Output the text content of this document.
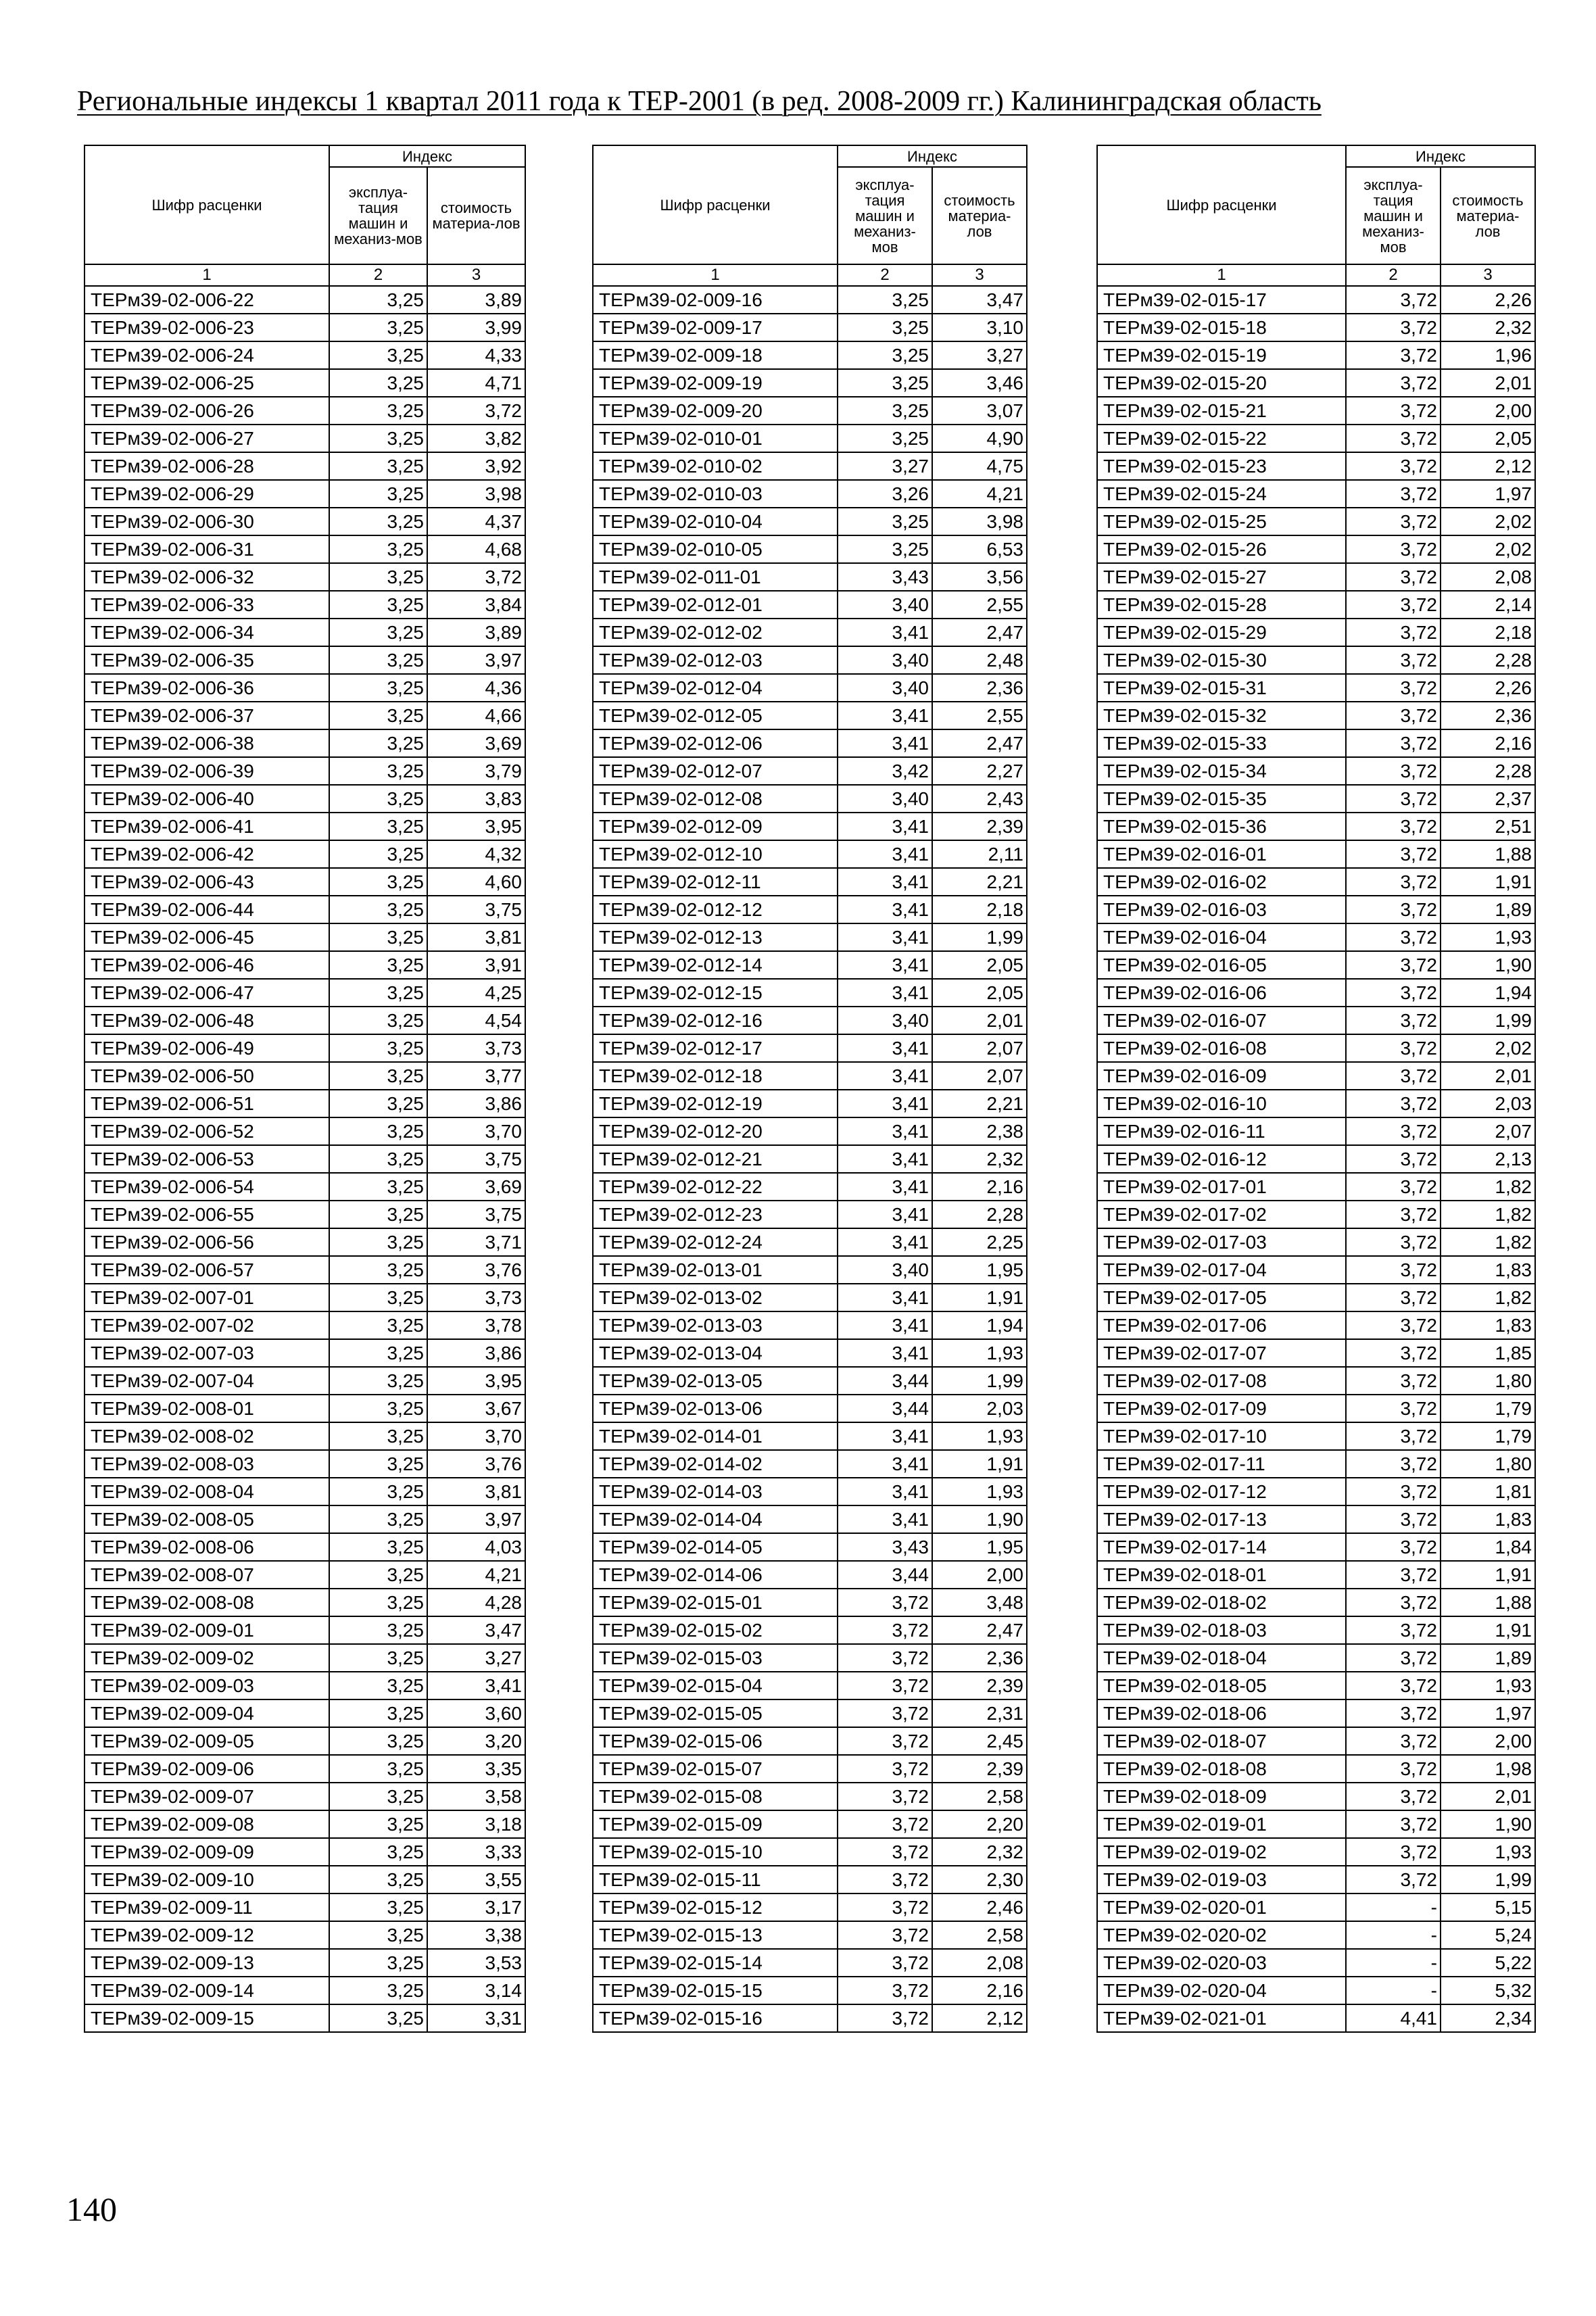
Региональные индексы 1 квартал 2011 года к ТЕР-2001 (в ред. 2008-2009 гг.) Калининградская область
Шифр расценки	Индекс	
	эксплуа-тация машин и механиз-мов	стоимость материа-лов
1	2	3
ТЕРм39-02-006-22	3,25	3,89
ТЕРм39-02-006-23	3,25	3,99
ТЕРм39-02-006-24	3,25	4,33
ТЕРм39-02-006-25	3,25	4,71
ТЕРм39-02-006-26	3,25	3,72
ТЕРм39-02-006-27	3,25	3,82
ТЕРм39-02-006-28	3,25	3,92
ТЕРм39-02-006-29	3,25	3,98
ТЕРм39-02-006-30	3,25	4,37
ТЕРм39-02-006-31	3,25	4,68
ТЕРм39-02-006-32	3,25	3,72
ТЕРм39-02-006-33	3,25	3,84
ТЕРм39-02-006-34	3,25	3,89
ТЕРм39-02-006-35	3,25	3,97
ТЕРм39-02-006-36	3,25	4,36
ТЕРм39-02-006-37	3,25	4,66
ТЕРм39-02-006-38	3,25	3,69
ТЕРм39-02-006-39	3,25	3,79
ТЕРм39-02-006-40	3,25	3,83
ТЕРм39-02-006-41	3,25	3,95
ТЕРм39-02-006-42	3,25	4,32
ТЕРм39-02-006-43	3,25	4,60
ТЕРм39-02-006-44	3,25	3,75
ТЕРм39-02-006-45	3,25	3,81
ТЕРм39-02-006-46	3,25	3,91
ТЕРм39-02-006-47	3,25	4,25
ТЕРм39-02-006-48	3,25	4,54
ТЕРм39-02-006-49	3,25	3,73
ТЕРм39-02-006-50	3,25	3,77
ТЕРм39-02-006-51	3,25	3,86
ТЕРм39-02-006-52	3,25	3,70
ТЕРм39-02-006-53	3,25	3,75
ТЕРм39-02-006-54	3,25	3,69
ТЕРм39-02-006-55	3,25	3,75
ТЕРм39-02-006-56	3,25	3,71
ТЕРм39-02-006-57	3,25	3,76
ТЕРм39-02-007-01	3,25	3,73
ТЕРм39-02-007-02	3,25	3,78
ТЕРм39-02-007-03	3,25	3,86
ТЕРм39-02-007-04	3,25	3,95
ТЕРм39-02-008-01	3,25	3,67
ТЕРм39-02-008-02	3,25	3,70
ТЕРм39-02-008-03	3,25	3,76
ТЕРм39-02-008-04	3,25	3,81
ТЕРм39-02-008-05	3,25	3,97
ТЕРм39-02-008-06	3,25	4,03
ТЕРм39-02-008-07	3,25	4,21
ТЕРм39-02-008-08	3,25	4,28
ТЕРм39-02-009-01	3,25	3,47
ТЕРм39-02-009-02	3,25	3,27
ТЕРм39-02-009-03	3,25	3,41
ТЕРм39-02-009-04	3,25	3,60
ТЕРм39-02-009-05	3,25	3,20
ТЕРм39-02-009-06	3,25	3,35
ТЕРм39-02-009-07	3,25	3,58
ТЕРм39-02-009-08	3,25	3,18
ТЕРм39-02-009-09	3,25	3,33
ТЕРм39-02-009-10	3,25	3,55
ТЕРм39-02-009-11	3,25	3,17
ТЕРм39-02-009-12	3,25	3,38
ТЕРм39-02-009-13	3,25	3,53
ТЕРм39-02-009-14	3,25	3,14
ТЕРм39-02-009-15	3,25	3,31
Шифр расценки	Индекс	
	эксплуа-тация машин и механиз-мов	стоимость материа-лов
1	2	3
ТЕРм39-02-009-16	3,25	3,47
ТЕРм39-02-009-17	3,25	3,10
ТЕРм39-02-009-18	3,25	3,27
ТЕРм39-02-009-19	3,25	3,46
ТЕРм39-02-009-20	3,25	3,07
ТЕРм39-02-010-01	3,25	4,90
ТЕРм39-02-010-02	3,27	4,75
ТЕРм39-02-010-03	3,26	4,21
ТЕРм39-02-010-04	3,25	3,98
ТЕРм39-02-010-05	3,25	6,53
ТЕРм39-02-011-01	3,43	3,56
ТЕРм39-02-012-01	3,40	2,55
ТЕРм39-02-012-02	3,41	2,47
ТЕРм39-02-012-03	3,40	2,48
ТЕРм39-02-012-04	3,40	2,36
ТЕРм39-02-012-05	3,41	2,55
ТЕРм39-02-012-06	3,41	2,47
ТЕРм39-02-012-07	3,42	2,27
ТЕРм39-02-012-08	3,40	2,43
ТЕРм39-02-012-09	3,41	2,39
ТЕРм39-02-012-10	3,41	2,11
ТЕРм39-02-012-11	3,41	2,21
ТЕРм39-02-012-12	3,41	2,18
ТЕРм39-02-012-13	3,41	1,99
ТЕРм39-02-012-14	3,41	2,05
ТЕРм39-02-012-15	3,41	2,05
ТЕРм39-02-012-16	3,40	2,01
ТЕРм39-02-012-17	3,41	2,07
ТЕРм39-02-012-18	3,41	2,07
ТЕРм39-02-012-19	3,41	2,21
ТЕРм39-02-012-20	3,41	2,38
ТЕРм39-02-012-21	3,41	2,32
ТЕРм39-02-012-22	3,41	2,16
ТЕРм39-02-012-23	3,41	2,28
ТЕРм39-02-012-24	3,41	2,25
ТЕРм39-02-013-01	3,40	1,95
ТЕРм39-02-013-02	3,41	1,91
ТЕРм39-02-013-03	3,41	1,94
ТЕРм39-02-013-04	3,41	1,93
ТЕРм39-02-013-05	3,44	1,99
ТЕРм39-02-013-06	3,44	2,03
ТЕРм39-02-014-01	3,41	1,93
ТЕРм39-02-014-02	3,41	1,91
ТЕРм39-02-014-03	3,41	1,93
ТЕРм39-02-014-04	3,41	1,90
ТЕРм39-02-014-05	3,43	1,95
ТЕРм39-02-014-06	3,44	2,00
ТЕРм39-02-015-01	3,72	3,48
ТЕРм39-02-015-02	3,72	2,47
ТЕРм39-02-015-03	3,72	2,36
ТЕРм39-02-015-04	3,72	2,39
ТЕРм39-02-015-05	3,72	2,31
ТЕРм39-02-015-06	3,72	2,45
ТЕРм39-02-015-07	3,72	2,39
ТЕРм39-02-015-08	3,72	2,58
ТЕРм39-02-015-09	3,72	2,20
ТЕРм39-02-015-10	3,72	2,32
ТЕРм39-02-015-11	3,72	2,30
ТЕРм39-02-015-12	3,72	2,46
ТЕРм39-02-015-13	3,72	2,58
ТЕРм39-02-015-14	3,72	2,08
ТЕРм39-02-015-15	3,72	2,16
ТЕРм39-02-015-16	3,72	2,12
Шифр расценки	Индекс	
	эксплуа-тация машин и механиз-мов	стоимость материа-лов
1	2	3
ТЕРм39-02-015-17	3,72	2,26
ТЕРм39-02-015-18	3,72	2,32
ТЕРм39-02-015-19	3,72	1,96
ТЕРм39-02-015-20	3,72	2,01
ТЕРм39-02-015-21	3,72	2,00
ТЕРм39-02-015-22	3,72	2,05
ТЕРм39-02-015-23	3,72	2,12
ТЕРм39-02-015-24	3,72	1,97
ТЕРм39-02-015-25	3,72	2,02
ТЕРм39-02-015-26	3,72	2,02
ТЕРм39-02-015-27	3,72	2,08
ТЕРм39-02-015-28	3,72	2,14
ТЕРм39-02-015-29	3,72	2,18
ТЕРм39-02-015-30	3,72	2,28
ТЕРм39-02-015-31	3,72	2,26
ТЕРм39-02-015-32	3,72	2,36
ТЕРм39-02-015-33	3,72	2,16
ТЕРм39-02-015-34	3,72	2,28
ТЕРм39-02-015-35	3,72	2,37
ТЕРм39-02-015-36	3,72	2,51
ТЕРм39-02-016-01	3,72	1,88
ТЕРм39-02-016-02	3,72	1,91
ТЕРм39-02-016-03	3,72	1,89
ТЕРм39-02-016-04	3,72	1,93
ТЕРм39-02-016-05	3,72	1,90
ТЕРм39-02-016-06	3,72	1,94
ТЕРм39-02-016-07	3,72	1,99
ТЕРм39-02-016-08	3,72	2,02
ТЕРм39-02-016-09	3,72	2,01
ТЕРм39-02-016-10	3,72	2,03
ТЕРм39-02-016-11	3,72	2,07
ТЕРм39-02-016-12	3,72	2,13
ТЕРм39-02-017-01	3,72	1,82
ТЕРм39-02-017-02	3,72	1,82
ТЕРм39-02-017-03	3,72	1,82
ТЕРм39-02-017-04	3,72	1,83
ТЕРм39-02-017-05	3,72	1,82
ТЕРм39-02-017-06	3,72	1,83
ТЕРм39-02-017-07	3,72	1,85
ТЕРм39-02-017-08	3,72	1,80
ТЕРм39-02-017-09	3,72	1,79
ТЕРм39-02-017-10	3,72	1,79
ТЕРм39-02-017-11	3,72	1,80
ТЕРм39-02-017-12	3,72	1,81
ТЕРм39-02-017-13	3,72	1,83
ТЕРм39-02-017-14	3,72	1,84
ТЕРм39-02-018-01	3,72	1,91
ТЕРм39-02-018-02	3,72	1,88
ТЕРм39-02-018-03	3,72	1,91
ТЕРм39-02-018-04	3,72	1,89
ТЕРм39-02-018-05	3,72	1,93
ТЕРм39-02-018-06	3,72	1,97
ТЕРм39-02-018-07	3,72	2,00
ТЕРм39-02-018-08	3,72	1,98
ТЕРм39-02-018-09	3,72	2,01
ТЕРм39-02-019-01	3,72	1,90
ТЕРм39-02-019-02	3,72	1,93
ТЕРм39-02-019-03	3,72	1,99
ТЕРм39-02-020-01	-	5,15
ТЕРм39-02-020-02	-	5,24
ТЕРм39-02-020-03	-	5,22
ТЕРм39-02-020-04	-	5,32
ТЕРм39-02-021-01	4,41	2,34
140
